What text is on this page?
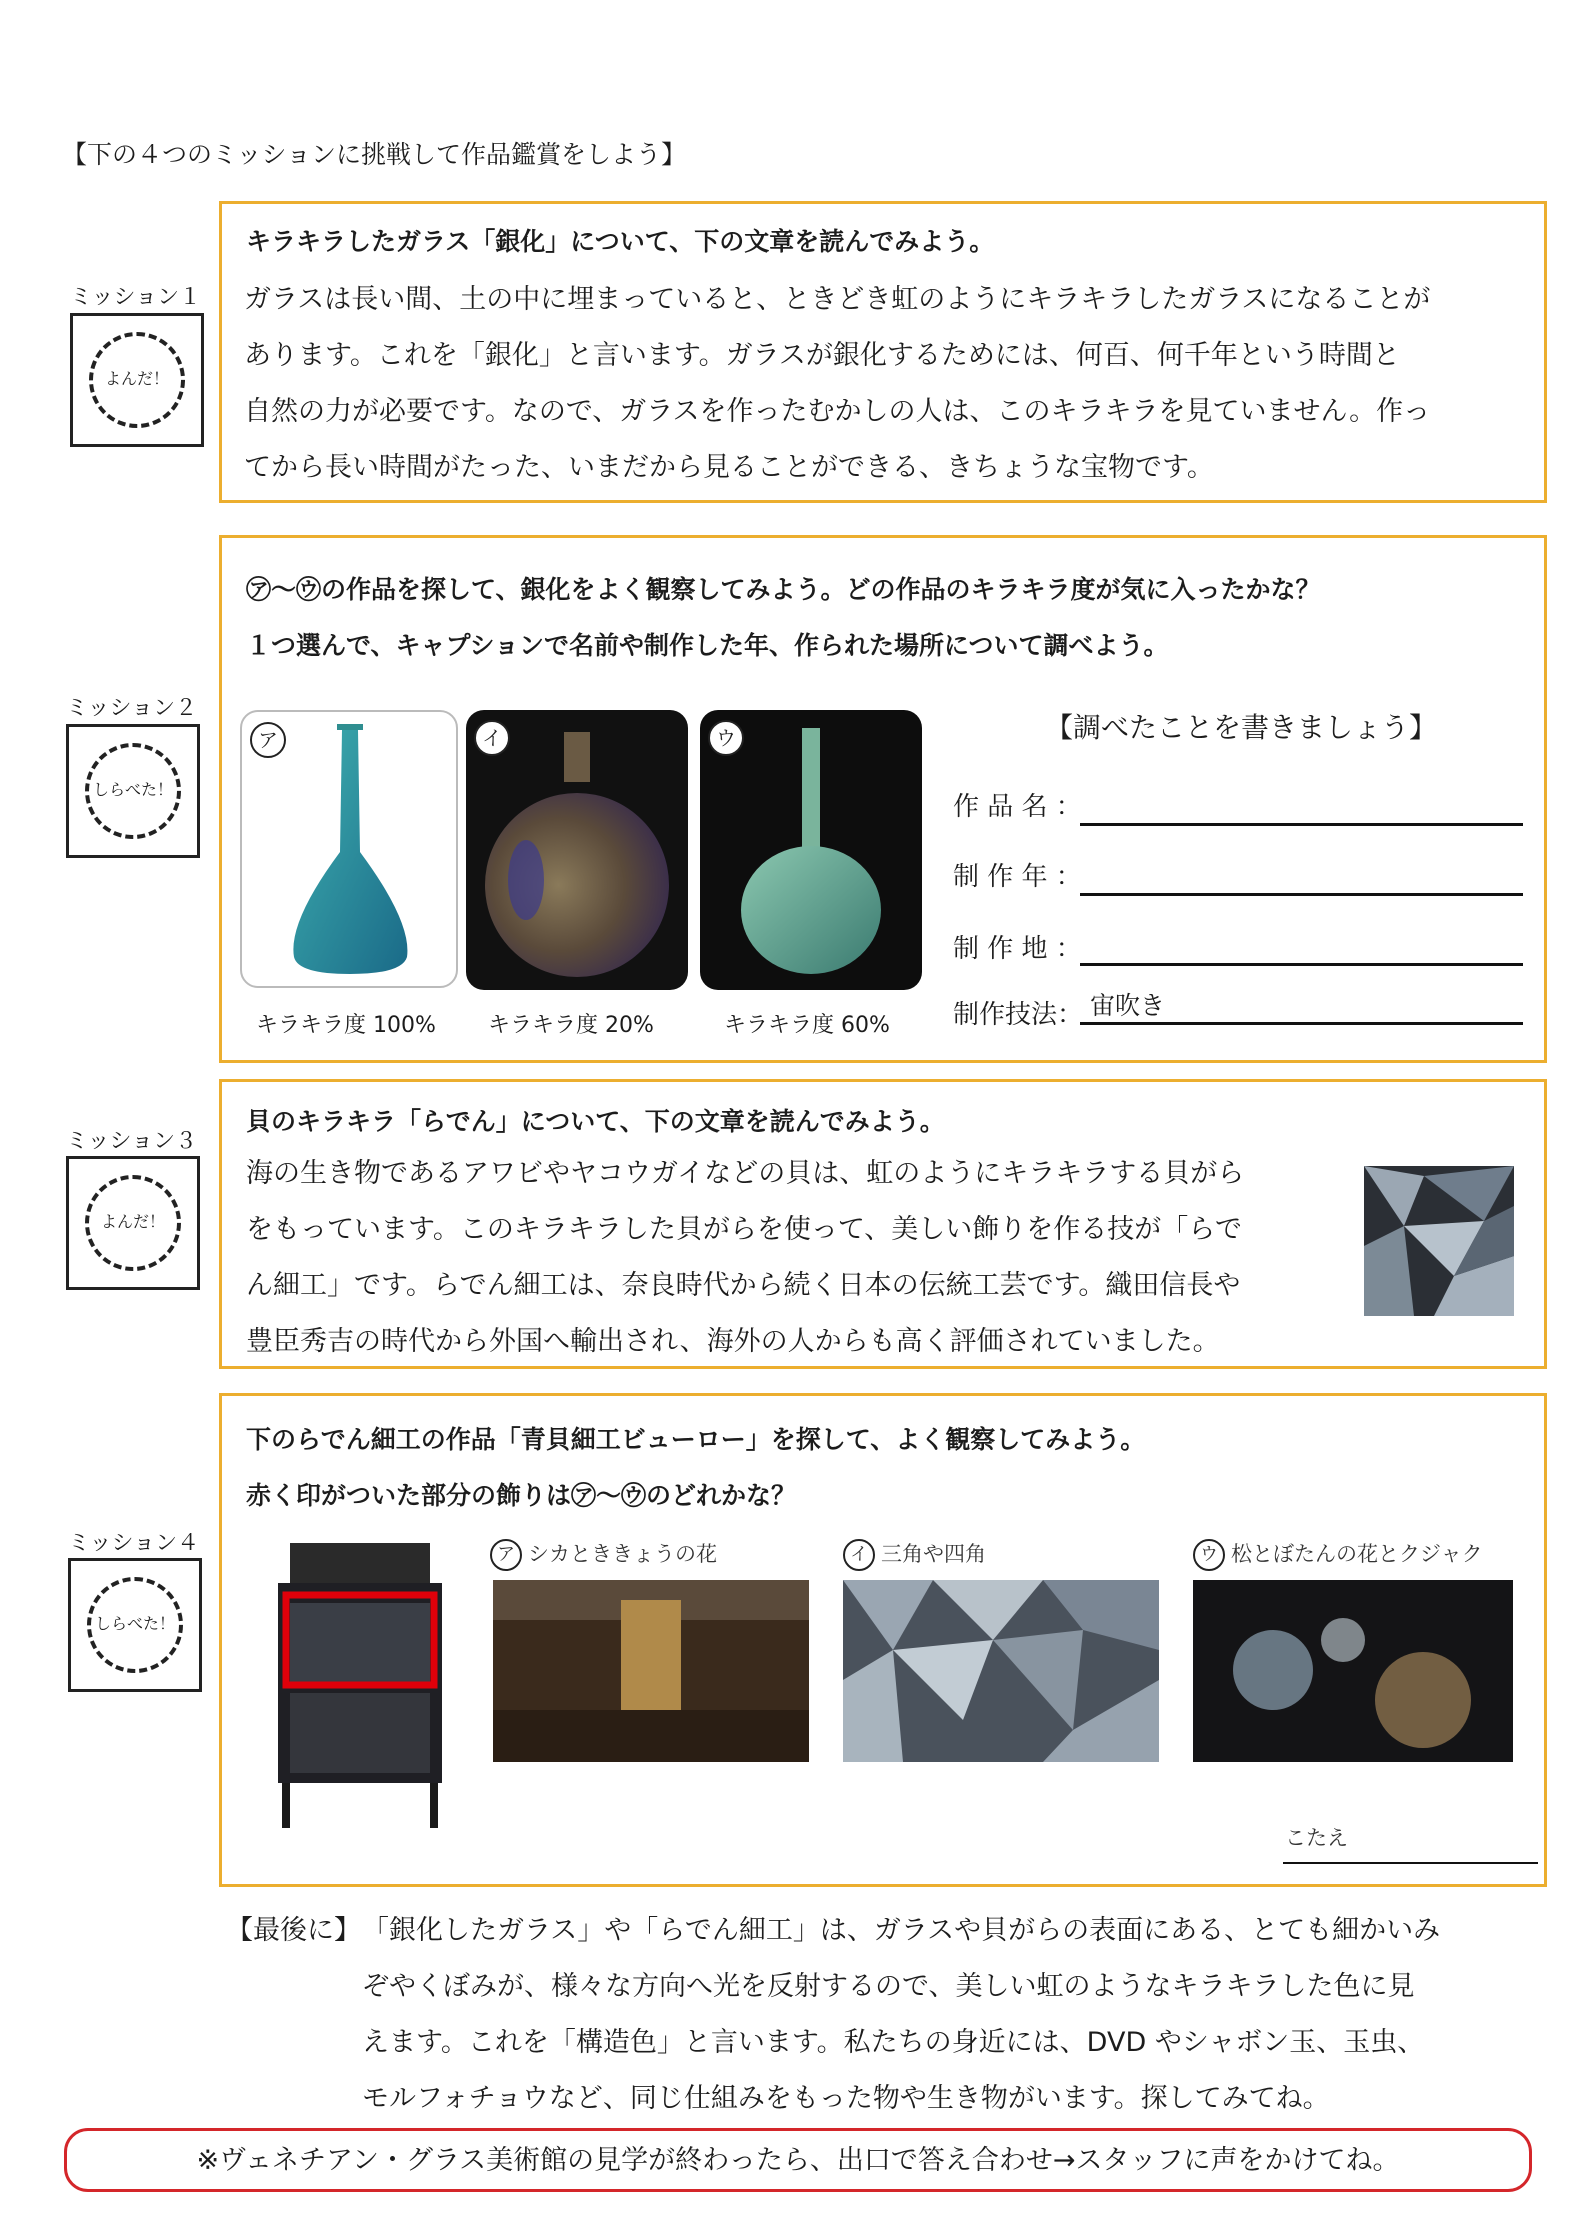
【下の４つのミッションに挑戦して作品鑑賞をしよう】
ミッション１
よんだ！
キラキラしたガラス「銀化」について、下の文章を読んでみよう。
ガラスは長い間、土の中に埋まっていると、ときどき虹のようにキラキラしたガラスになることが
あります。これを「銀化」と言います。ガラスが銀化するためには、何百、何千年という時間と
自然の力が必要です。なので、ガラスを作ったむかしの人は、このキラキラを見ていません。作っ
てから長い時間がたった、いまだから見ることができる、きちょうな宝物です。
ミッション２
しらべた！
㋐～㋒の作品を探して、銀化をよく観察してみよう。どの作品のキラキラ度が気に入ったかな？
１つ選んで、キャプションで名前や制作した年、作られた場所について調べよう。
ア	イ	ウ
キラキラ度 100% キラキラ度 20%	キラキラ度 60%
【調べたことを書きましょう】
作 品 名 ：
制 作 年 ：
制 作 地 ：
制作技法： 宙吹き
ミッション３
よんだ！
貝のキラキラ「らでん」について、下の文章を読んでみよう。
海の生き物であるアワビやヤコウガイなどの貝は、虹のようにキラキラする貝がら
をもっています。このキラキラした貝がらを使って、美しい飾りを作る技が「らで
ん細工」です。らでん細工は、奈良時代から続く日本の伝統工芸です。織田信長や
豊臣秀吉の時代から外国へ輸出され、海外の人からも高く評価されていました。
ミッション４
しらべた！
下のらでん細工の作品「青貝細工ビューロー」を探して、よく観察してみよう。
赤く印がついた部分の飾りは㋐～㋒のどれかな？
ア シカとききょうの花	イ 三角や四角	ウ 松とぼたんの花とクジャク
こたえ
【最後に】 「銀化したガラス」や「らでん細工」は、ガラスや貝がらの表面にある、とても細かいみ
ぞやくぼみが、様々な方向へ光を反射するので、美しい虹のようなキラキラした色に見
えます。これを「構造色」と言います。私たちの身近には、DVD やシャボン玉、玉虫、
モルフォチョウなど、同じ仕組みをもった物や生き物がいます。探してみてね。
※ヴェネチアン・グラス美術館の見学が終わったら、出口で答え合わせ→スタッフに声をかけてね。
